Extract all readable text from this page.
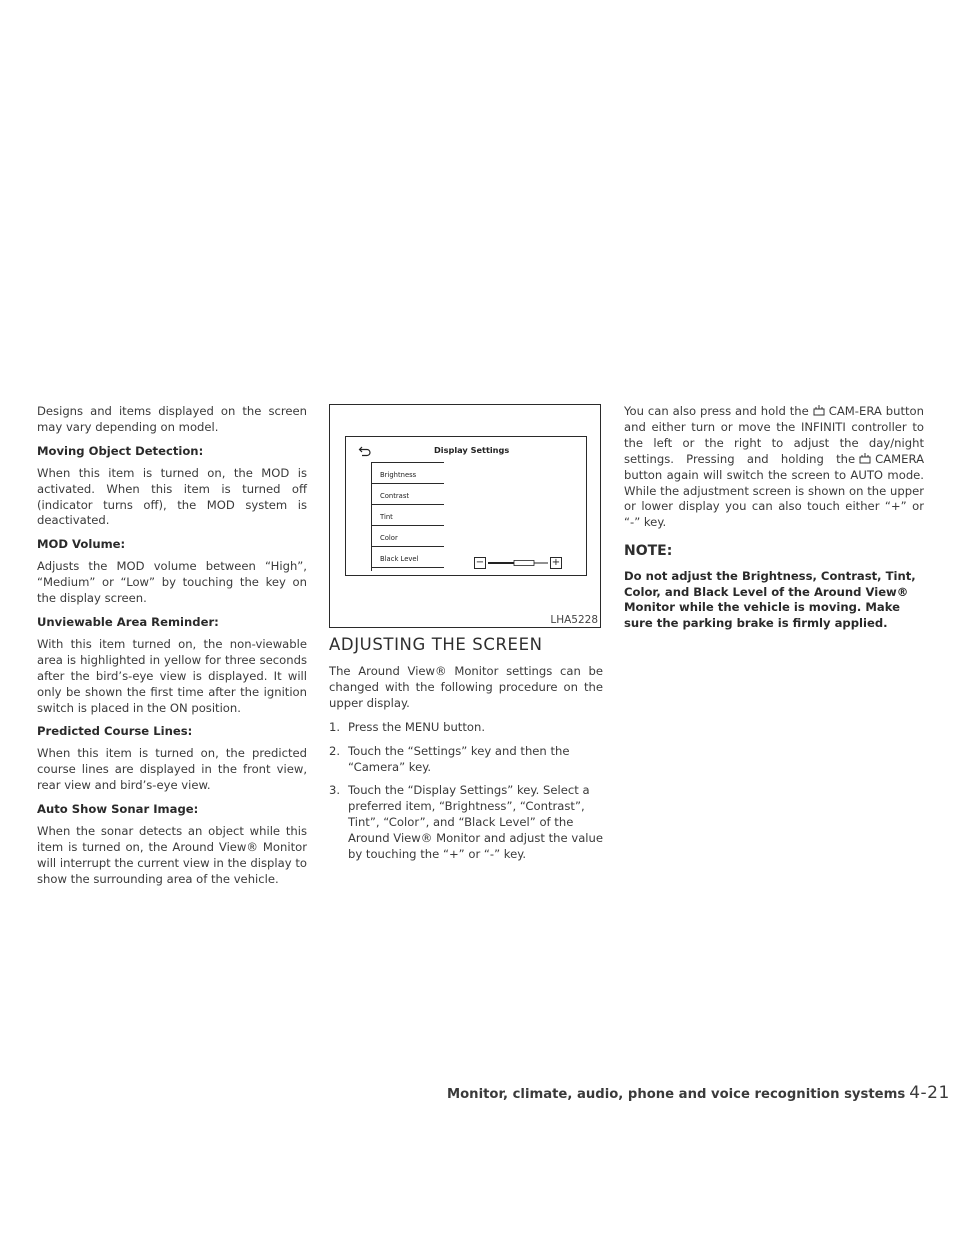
Designs and items displayed on the screen may vary depending on model.

Moving Object Detection:

When this item is turned on, the MOD is activated. When this item is turned off (indicator turns off), the MOD system is deactivated.

MOD Volume:

Adjusts the MOD volume between “High”, “Medium” or “Low” by touching the key on the display screen.

Unviewable Area Reminder:

With this item turned on, the non-viewable area is highlighted in yellow for three seconds after the bird’s-eye view is displayed. It will only be shown the first time after the ignition switch is placed in the ON position.

Predicted Course Lines:

When this item is turned on, the predicted course lines are displayed in the front view, rear view and bird’s-eye view.

Auto Show Sonar Image:

When the sonar detects an object while this item is turned on, the Around View® Monitor will interrupt the current view in the display to show the surrounding area of the vehicle.

Display Settings
Brightness
Contrast
Tint
Color
Black Level	−	+
LHA5228
ADJUSTING THE SCREEN

The Around View® Monitor settings can be changed with the following procedure on the upper display.

1. Press the MENU button.
2. Touch the “Settings” key and then the “Camera” key.
3. Touch the “Display Settings” key. Select a preferred item, “Brightness”, “Contrast”, Tint”, “Color”, and “Black Level” of the Around View® Monitor and adjust the value by touching the “+” or “-” key.

You can also press and hold the CAM-ERA button and either turn or move the INFINITI controller to the left or the right to adjust the day/night settings. Pressing and holding the CAMERA button again will switch the screen to AUTO mode. While the adjustment screen is shown on the upper or lower display you can also touch either “+” or “-” key.

NOTE:

Do not adjust the Brightness, Contrast, Tint, Color, and Black Level of the Around View® Monitor while the vehicle is moving. Make sure the parking brake is firmly applied.

Monitor, climate, audio, phone and voice recognition systems 4-21
